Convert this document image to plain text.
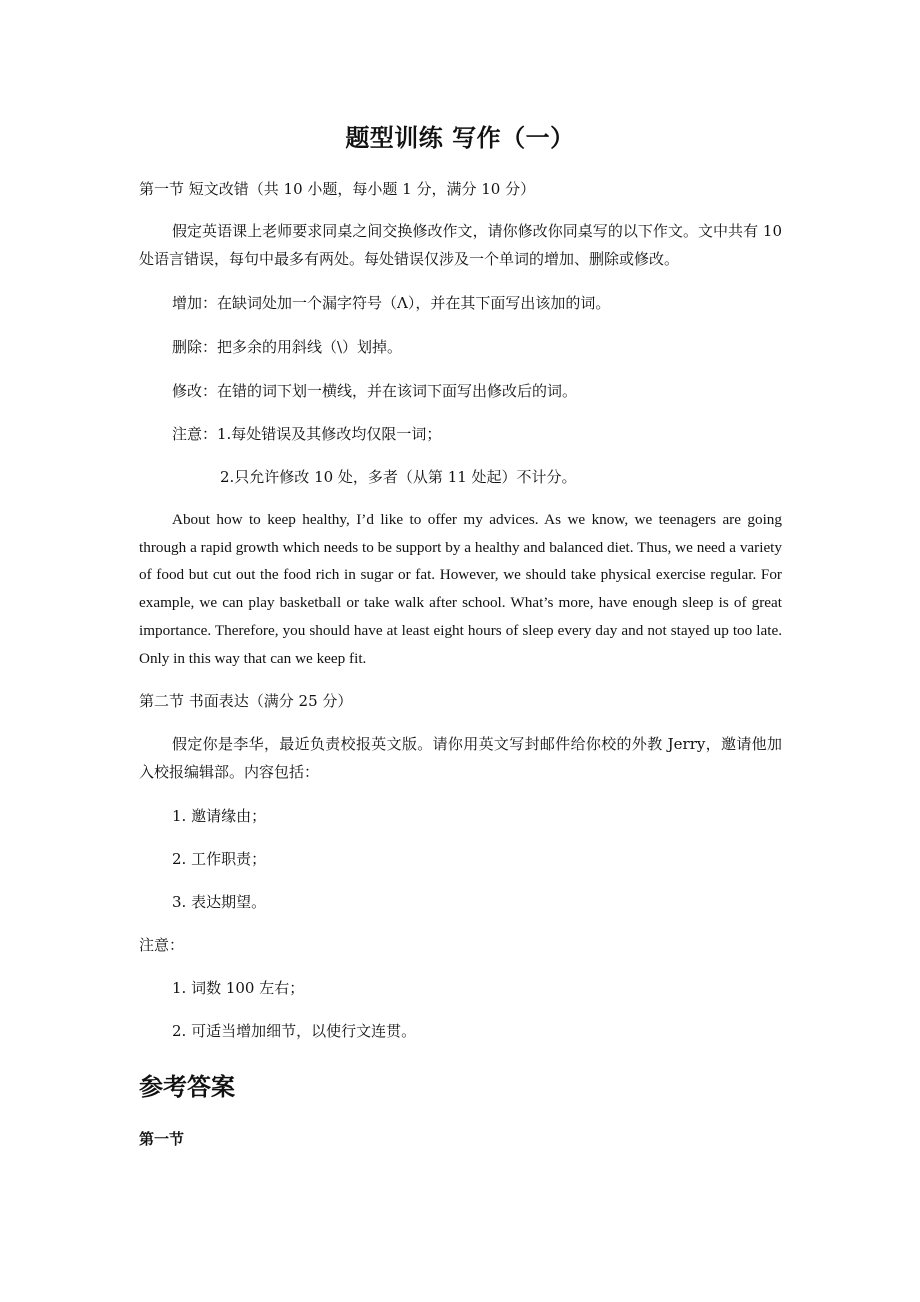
题型训练 写作（一）
第一节 短文改错（共 10 小题，每小题 1 分，满分 10 分）
假定英语课上老师要求同桌之间交换修改作文，请你修改你同桌写的以下作文。文中共有 10 处语言错误，每句中最多有两处。每处错误仅涉及一个单词的增加、删除或修改。
增加：在缺词处加一个漏字符号（Λ），并在其下面写出该加的词。
删除：把多余的用斜线（\）划掉。
修改：在错的词下划一横线，并在该词下面写出修改后的词。
注意：1.每处错误及其修改均仅限一词；
2.只允许修改 10 处，多者（从第 11 处起）不计分。
About how to keep healthy, I’d like to offer my advices. As we know, we teenagers are going through a rapid growth which needs to be support by a healthy and balanced diet. Thus, we need a variety of food but cut out the food rich in sugar or fat. However, we should take physical exercise regular. For example, we can play basketball or take walk after school. What’s more, have enough sleep is of great importance. Therefore, you should have at least eight hours of sleep every day and not stayed up too late. Only in this way that can we keep fit.
第二节 书面表达（满分 25 分）
假定你是李华，最近负责校报英文版。请你用英文写封邮件给你校的外教 Jerry，邀请他加入校报编辑部。内容包括：
1. 邀请缘由；
2. 工作职责；
3. 表达期望。
注意：
1. 词数 100 左右；
2. 可适当增加细节，以使行文连贯。
参考答案
第一节
